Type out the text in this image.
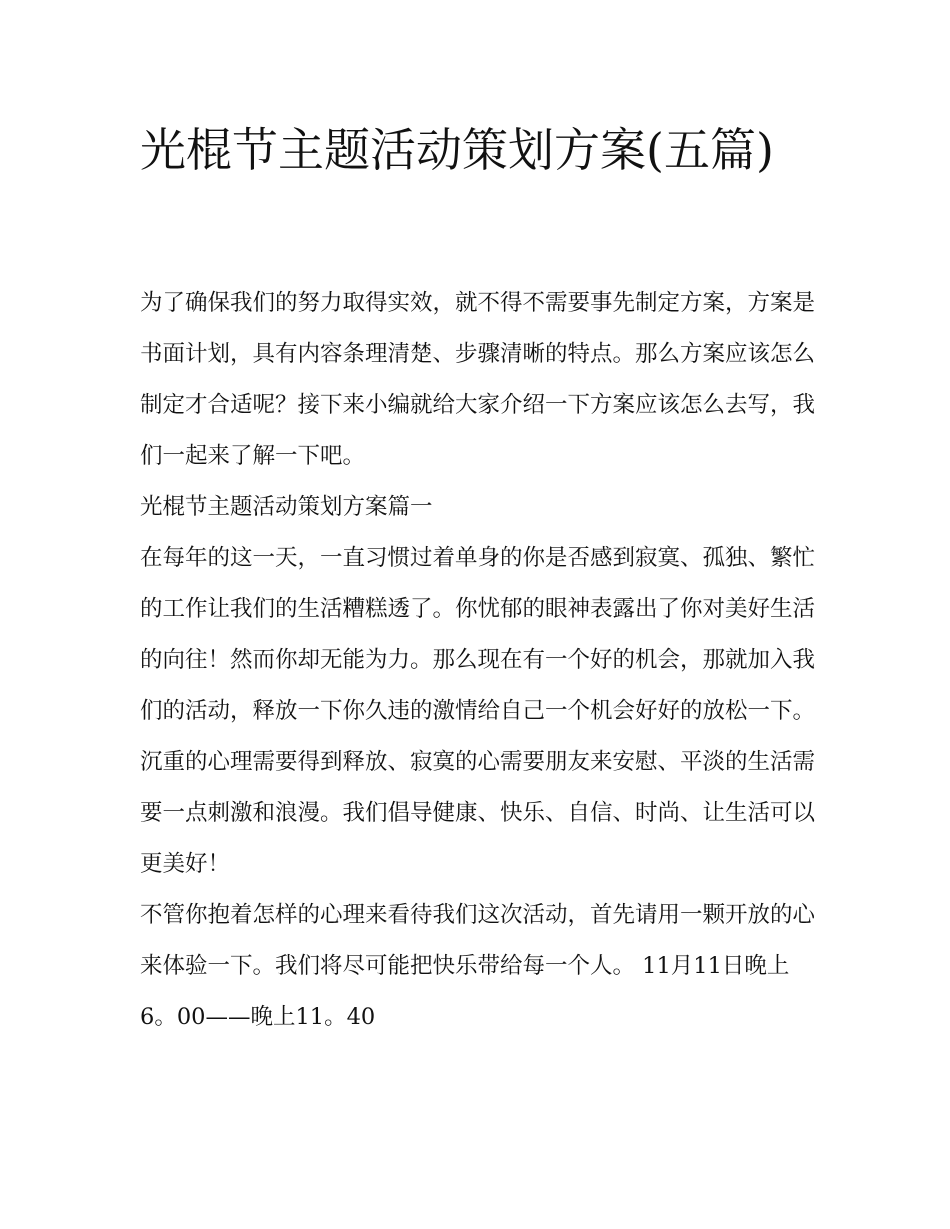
光棍节主题活动策划方案(五篇)

为了确保我们的努力取得实效，就不得不需要事先制定方案，方案是书面计划，具有内容条理清楚、步骤清晰的特点。那么方案应该怎么制定才合适呢？接下来小编就给大家介绍一下方案应该怎么去写，我们一起来了解一下吧。

光棍节主题活动策划方案篇一

在每年的这一天，一直习惯过着单身的你是否感到寂寞、孤独、繁忙的工作让我们的生活糟糕透了。你忧郁的眼神表露出了你对美好生活的向往！然而你却无能为力。那么现在有一个好的机会，那就加入我们的活动，释放一下你久违的激情给自己一个机会好好的放松一下。

沉重的心理需要得到释放、寂寞的心需要朋友来安慰、平淡的生活需要一点刺激和浪漫。我们倡导健康、快乐、自信、时尚、让生活可以更美好！

不管你抱着怎样的心理来看待我们这次活动，首先请用一颗开放的心来体验一下。我们将尽可能把快乐带给每一个人。 11月11日晚上6。00——晚上11。40
